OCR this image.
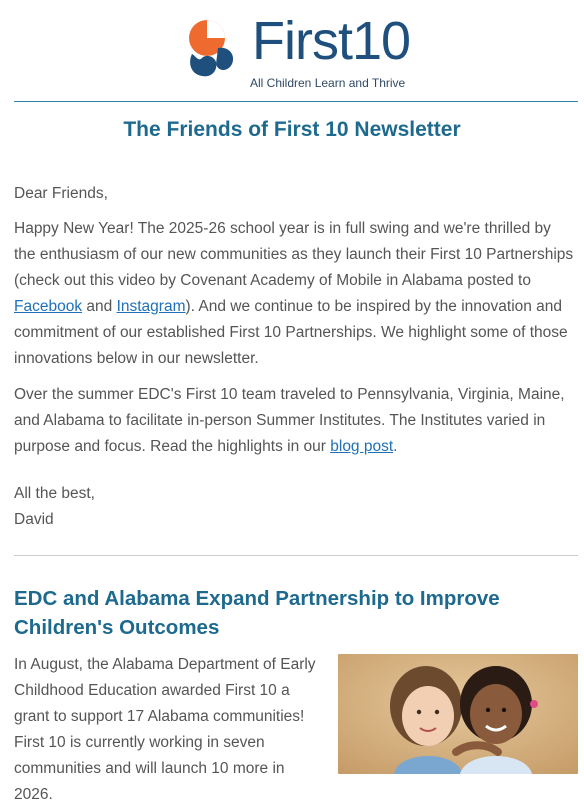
First10
All Children Learn and Thrive
The Friends of First 10 Newsletter
Dear Friends,
Happy New Year! The 2025-26 school year is in full swing and we're thrilled by the enthusiasm of our new communities as they launch their First 10 Partnerships (check out this video by Covenant Academy of Mobile in Alabama posted to Facebook and Instagram). And we continue to be inspired by the innovation and commitment of our established First 10 Partnerships. We highlight some of those innovations below in our newsletter.
Over the summer EDC's First 10 team traveled to Pennsylvania, Virginia, Maine, and Alabama to facilitate in-person Summer Institutes. The Institutes varied in purpose and focus. Read the highlights in our blog post.
All the best,
David
EDC and Alabama Expand Partnership to Improve Children's Outcomes
In August, the Alabama Department of Early Childhood Education awarded First 10 a grant to support 17 Alabama communities! First 10 is currently working in seven communities and will launch 10 more in 2026.
